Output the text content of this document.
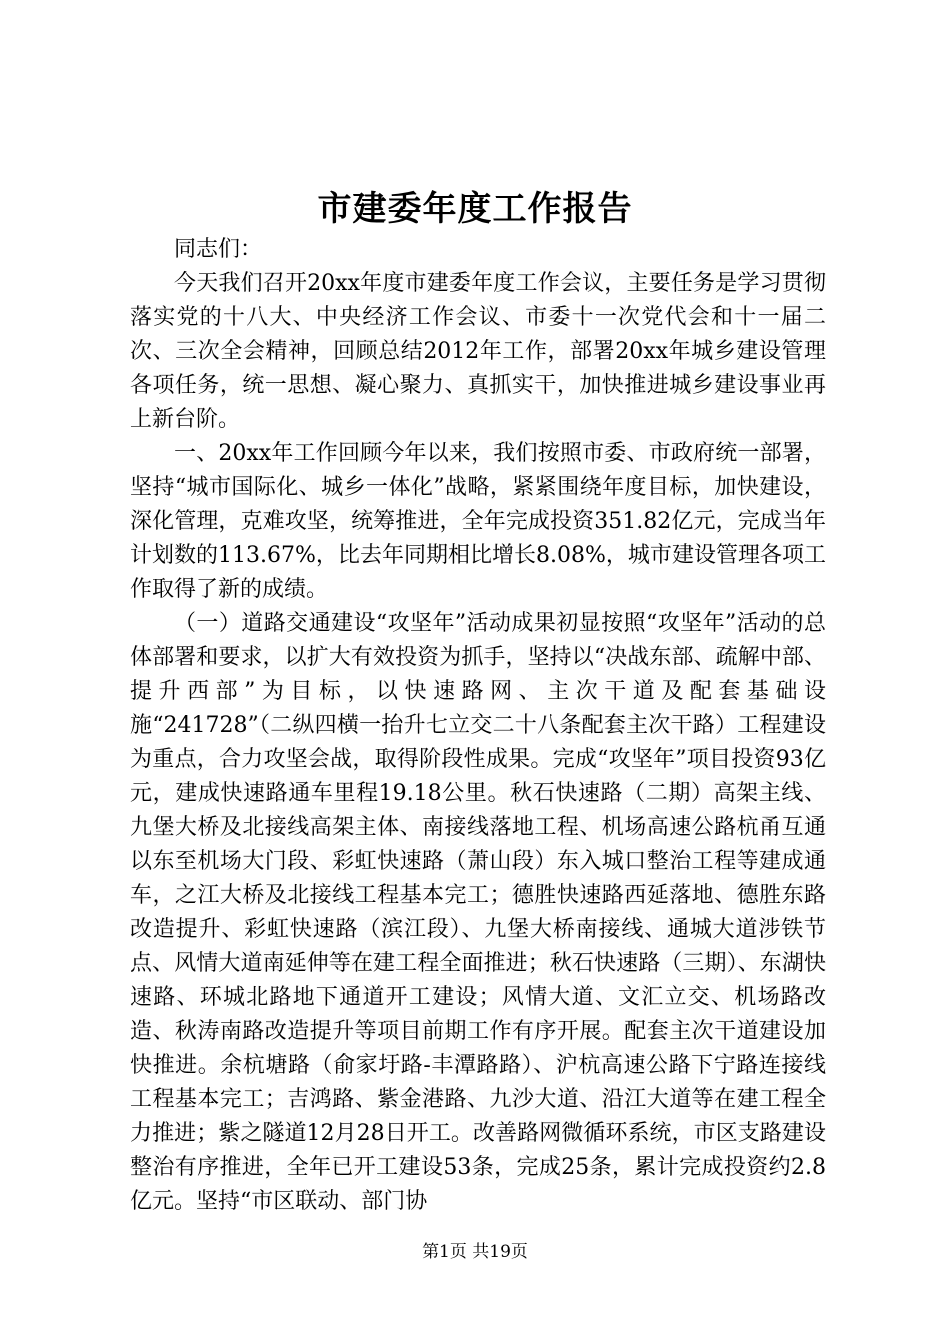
市建委年度工作报告

同志们：

今天我们召开20xx年度市建委年度工作会议，主要任务是学习贯彻落实党的十八大、中央经济工作会议、市委十一次党代会和十一届二次、三次全会精神，回顾总结2012年工作，部署20xx年城乡建设管理各项任务，统一思想、凝心聚力、真抓实干，加快推进城乡建设事业再上新台阶。

一、20xx年工作回顾今年以来，我们按照市委、市政府统一部署，坚持“城市国际化、城乡一体化”战略，紧紧围绕年度目标，加快建设，深化管理，克难攻坚，统筹推进，全年完成投资351.82亿元，完成当年计划数的113.67%，比去年同期相比增长8.08%，城市建设管理各项工作取得了新的成绩。

（一）道路交通建设“攻坚年”活动成果初显按照“攻坚年”活动的总体部署和要求，以扩大有效投资为抓手，坚持以“决战东部、疏解中部、提升西部”为目标，以快速路网、主次干道及配套基础设施“241728”（二纵四横一抬升七立交二十八条配套主次干路）工程建设为重点，合力攻坚会战，取得阶段性成果。完成“攻坚年”项目投资93亿元，建成快速路通车里程19.18公里。秋石快速路（二期）高架主线、九堡大桥及北接线高架主体、南接线落地工程、机场高速公路杭甬互通以东至机场大门段、彩虹快速路（萧山段）东入城口整治工程等建成通车，之江大桥及北接线工程基本完工；德胜快速路西延落地、德胜东路改造提升、彩虹快速路（滨江段）、九堡大桥南接线、通城大道涉铁节点、风情大道南延伸等在建工程全面推进；秋石快速路（三期）、东湖快速路、环城北路地下通道开工建设；风情大道、文汇立交、机场路改造、秋涛南路改造提升等项目前期工作有序开展。配套主次干道建设加快推进。余杭塘路（俞家圩路-丰潭路路）、沪杭高速公路下宁路连接线工程基本完工；吉鸿路、紫金港路、九沙大道、沿江大道等在建工程全力推进；紫之隧道12月28日开工。改善路网微循环系统，市区支路建设整治有序推进，全年已开工建设53条，完成25条，累计完成投资约2.8亿元。坚持“市区联动、部门协

第1页 共19页
